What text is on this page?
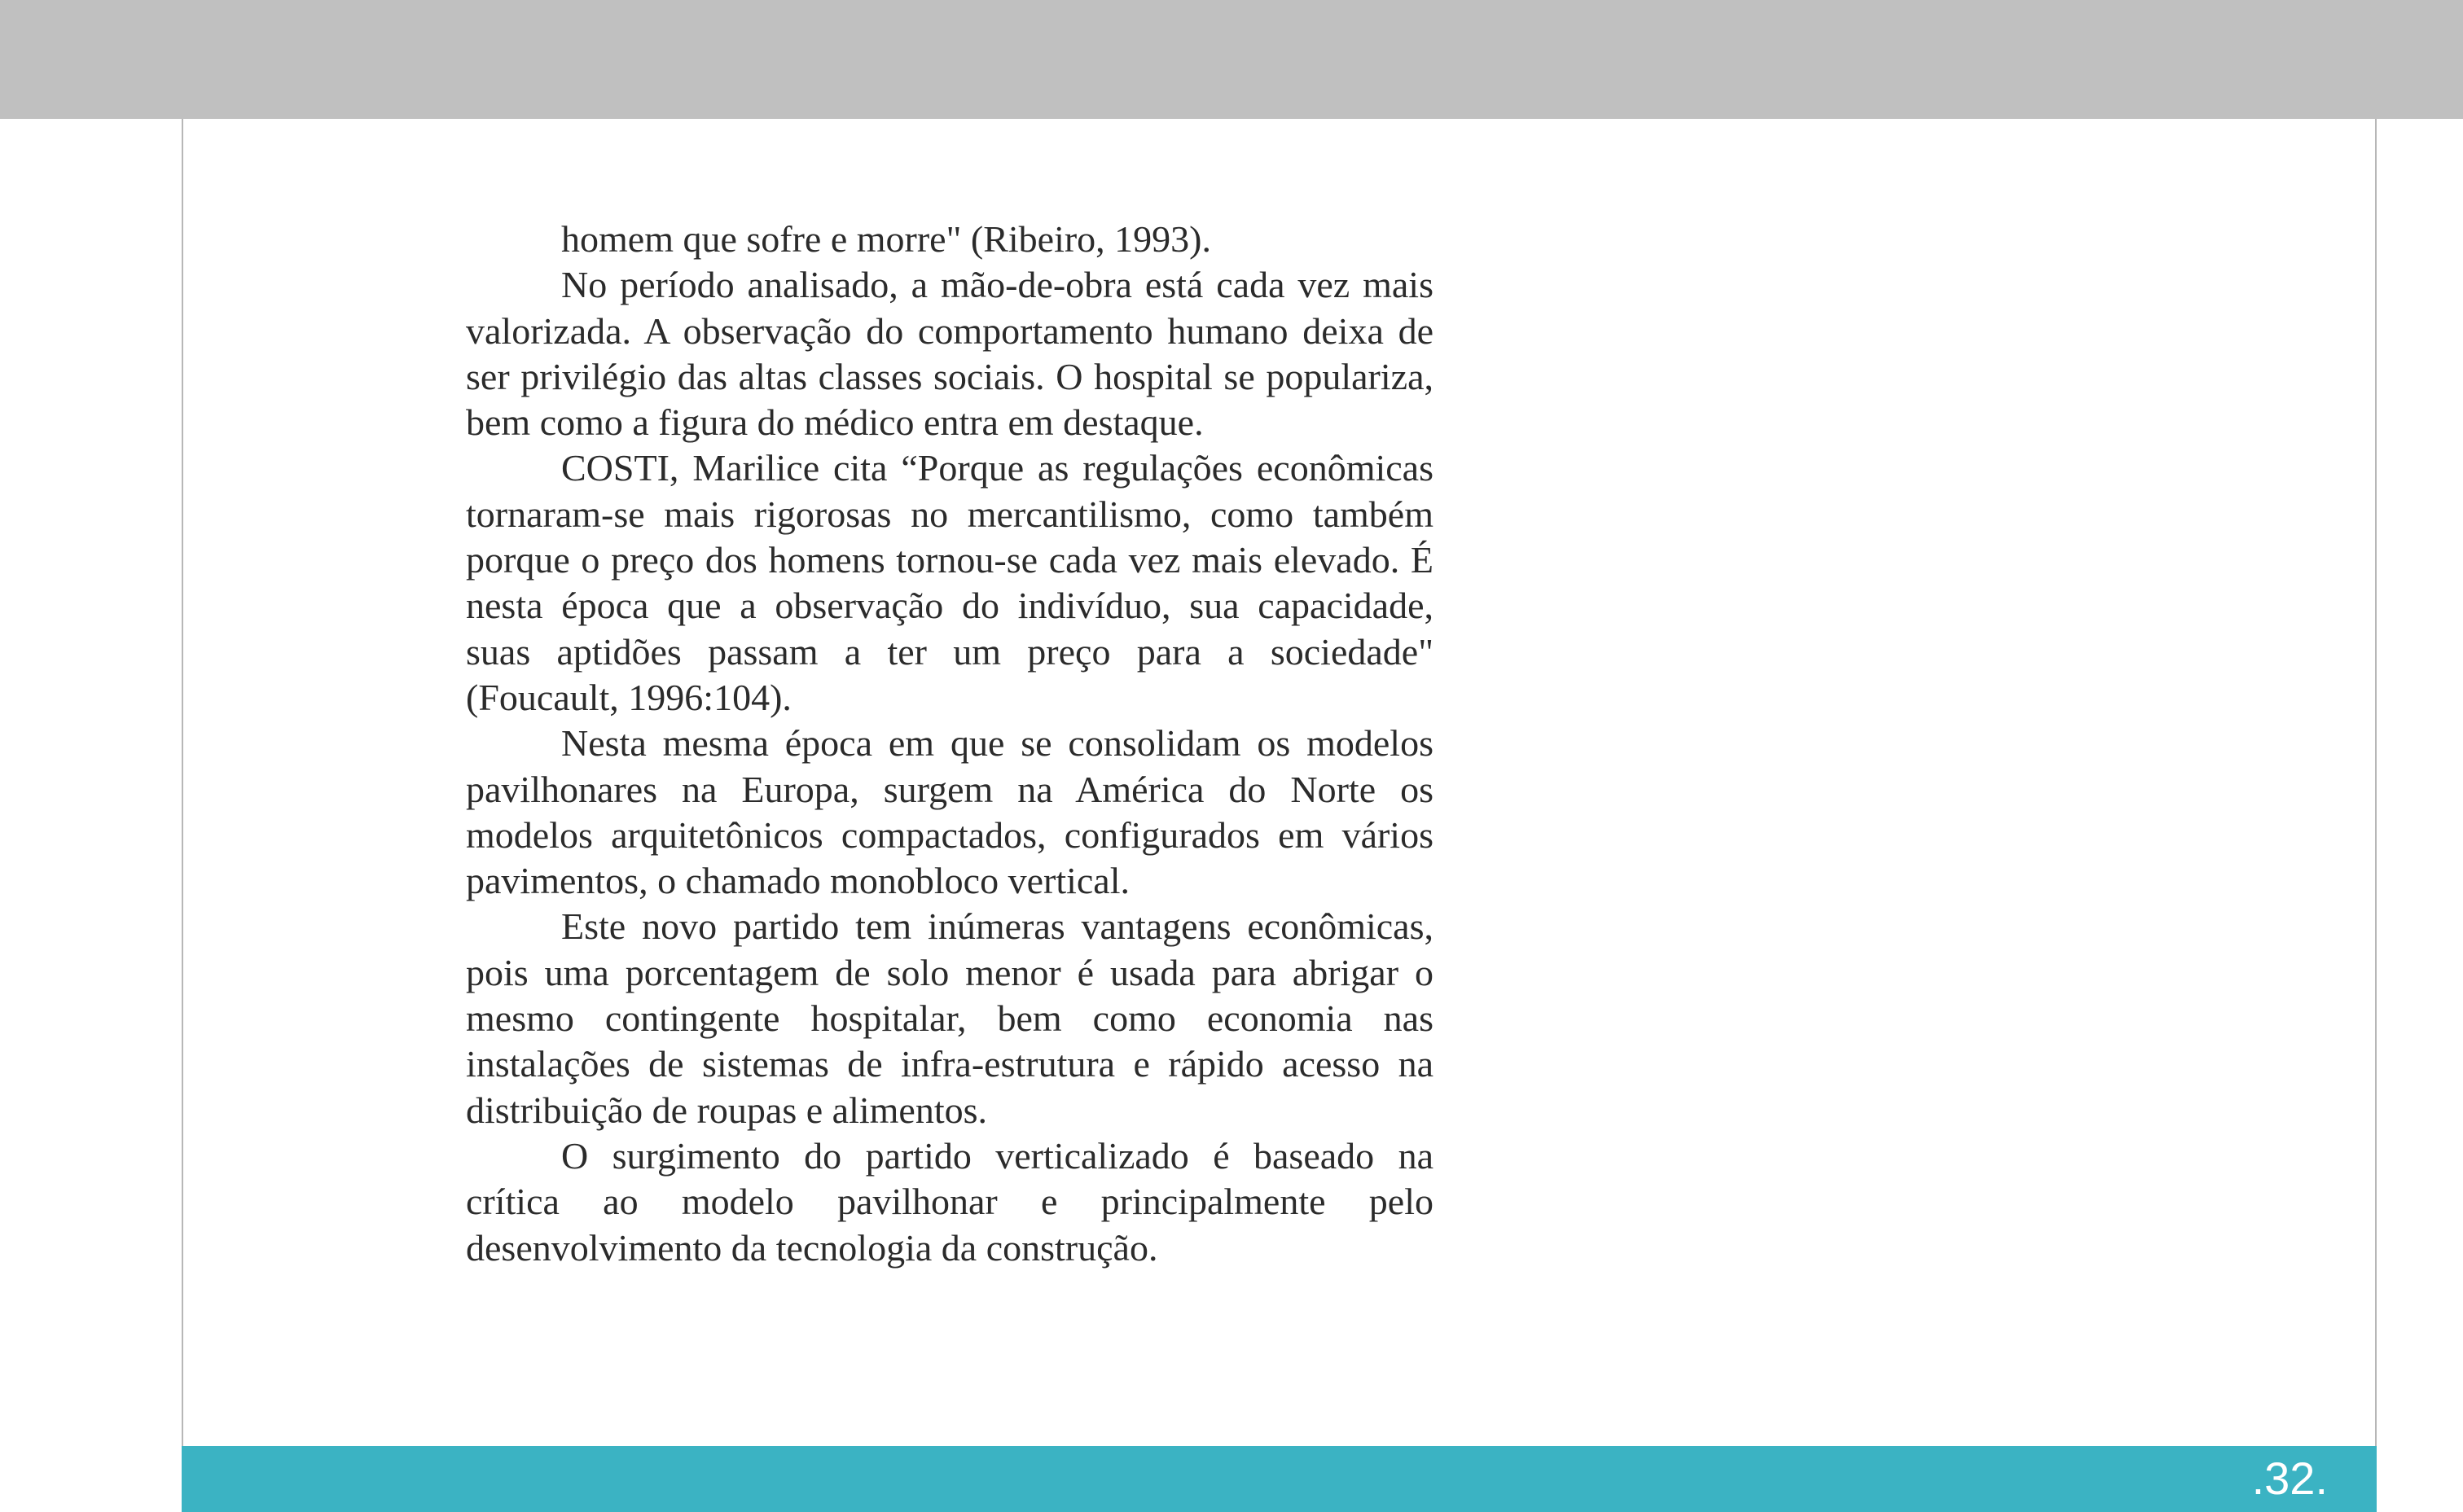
homem que sofre e morre" (Ribeiro, 1993).

No período analisado, a mão-de-obra está cada vez mais valorizada. A observação do comportamento humano deixa de ser privilégio das altas classes sociais. O hospital se populariza, bem como a figura do médico entra em destaque.

COSTI, Marilice cita “Porque as regulações econômicas tornaram-se mais rigorosas no mercantilismo, como também porque o preço dos homens tornou-se cada vez mais elevado. É nesta época que a observação do indivíduo, sua capacidade, suas aptidões passam a ter um preço para a sociedade" (Foucault, 1996:104).

Nesta mesma época em que se consolidam os modelos pavilhonares na Europa, surgem na América do Norte os modelos arquitetônicos compactados, configurados em vários pavimentos, o chamado monobloco vertical.

Este novo partido tem inúmeras vantagens econômicas, pois uma porcentagem de solo menor é usada para abrigar o mesmo contingente hospitalar, bem como economia nas instalações de sistemas de infra-estrutura e rápido acesso na distribuição de roupas e alimentos.

O surgimento do partido verticalizado é baseado na crítica ao modelo pavilhonar e principalmente pelo desenvolvimento da tecnologia da construção.

.32.
